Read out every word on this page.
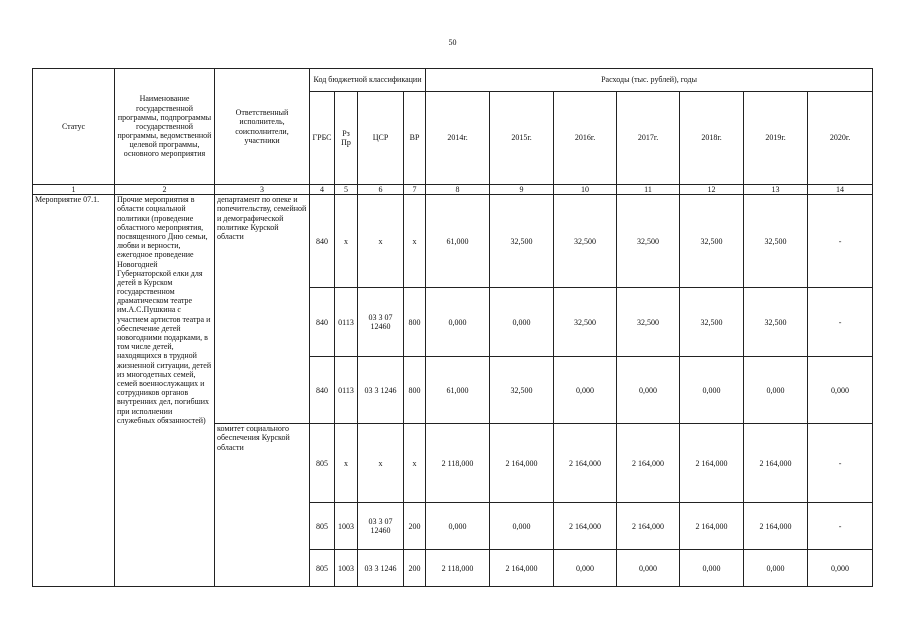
50
Статус	Наименование государственной программы, подпрограммы государственной программы, ведомственной целевой программы, основного мероприятия	Ответственный исполнитель, соисполнители, участники	Код бюджетной классификации				Расходы (тыс. рублей), годы						
			ГРБС	Рз Пр	ЦСР	ВР	2014г.	2015г.	2016г.	2017г.	2018г.	2019г.	2020г.
1	2	3	4	5	6	7	8	9	10	11	12	13	14
Мероприятие 07.1.	Прочие мероприятия в области социальной политики (проведение областного мероприятия, посвященного Дню семьи, любви и верности, ежегодное проведение Новогодней Губернаторской елки для детей в Курском государственном драматическом театре им.А.С.Пушкина с участием артистов театра и обеспечение детей новогодними подарками, в том числе детей, находящихся в трудной жизненной ситуации, детей из многодетных семей, семей военнослужащих и сотрудников органов внутренних дел, погибших при исполнении служебных обязанностей)	департамент по опеке и попечительству, семейной и демографической политике Курской области	840	х	х	х	61,000	32,500	32,500	32,500	32,500	32,500	-
			840	0113	03 3 07 12460	800	0,000	0,000	32,500	32,500	32,500	32,500	-
			840	0113	03 3 1246	800	61,000	32,500	0,000	0,000	0,000	0,000	0,000
		комитет социального обеспечения Курской области	805	х	х	х	2 118,000	2 164,000	2 164,000	2 164,000	2 164,000	2 164,000	-
			805	1003	03 3 07 12460	200	0,000	0,000	2 164,000	2 164,000	2 164,000	2 164,000	-
			805	1003	03 3 1246	200	2 118,000	2 164,000	0,000	0,000	0,000	0,000	0,000
